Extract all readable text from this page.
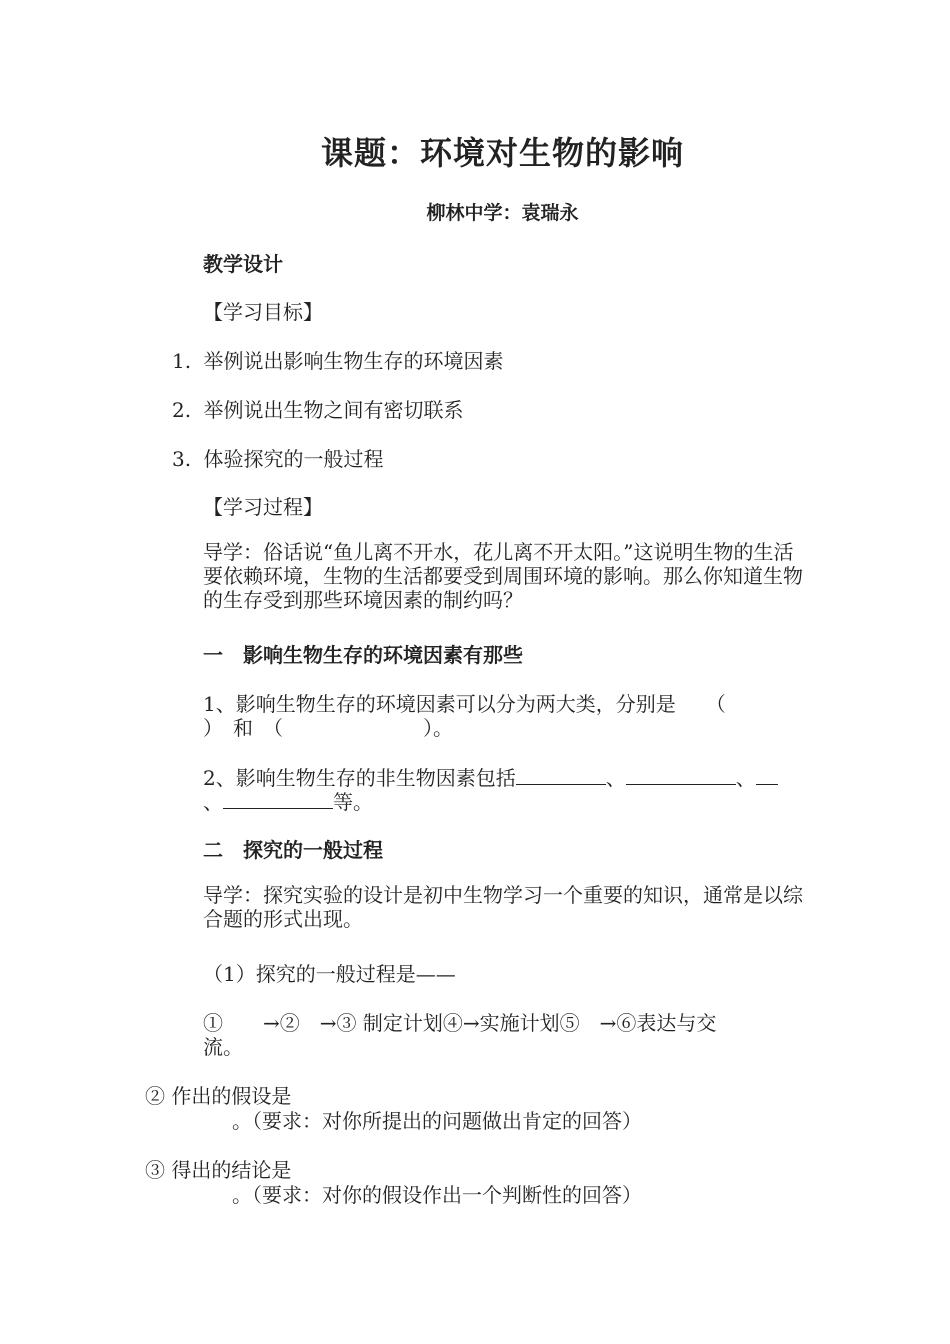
课题：环境对生物的影响
柳林中学：袁瑞永
教学设计
【学习目标】
1. 举例说出影响生物生存的环境因素
2. 举例说出生物之间有密切联系
3. 体验探究的一般过程
【学习过程】
导学：俗话说“鱼儿离不开水，花儿离不开太阳。”这说明生物的生活要依赖环境，生物的生活都要受到周围环境的影响。那么你知道生物的生存受到那些环境因素的制约吗？
一　影响生物生存的环境因素有那些
1、影响生物生存的环境因素可以分为两大类，分别是　　（
）　和　（　　　　　　　）。
2、影响生物生存的非生物因素包括	、	、
、	等。
二　探究的一般过程
导学：探究实验的设计是初中生物学习一个重要的知识，通常是以综合题的形式出现。
（1）探究的一般过程是——
①　　→②　→③ 制定计划④→实施计划⑤　→⑥表达与交
流。
② 作出的假设是
。（要求：对你所提出的问题做出肯定的回答）
③ 得出的结论是
。（要求：对你的假设作出一个判断性的回答）
